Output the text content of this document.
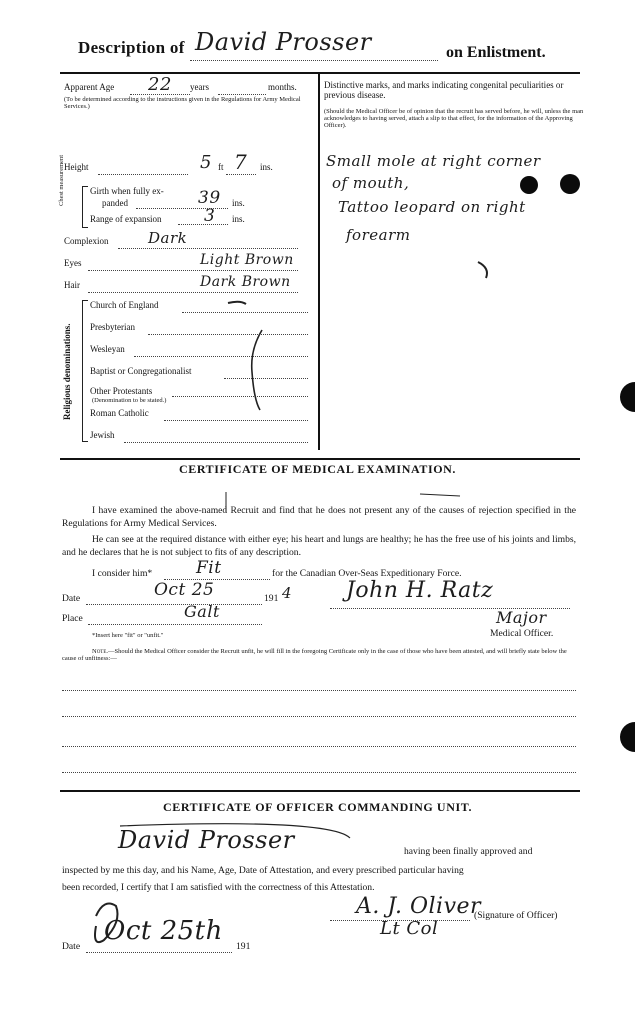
Description of David Prosser	on Enlistment.
Apparent Age 22 years	months.
(To be determined according to the instructions given in the Regulations for Army Medical Services.)
Distinctive marks, and marks indicating congenital peculiarities or previous disease.
(Should the Medical Officer be of opinion that the recruit has served before, he will, unless the man acknowledges to having served, attach a slip to that effect, for the information of the Approving Officer).
Small mole at right corner
of mouth,
Tattoo leopard on right
forearm
Height	5 ft 7 ins.
Chest measurement	Girth when fully ex-
panded	39 ins.
Range of expansion	3 ins.
Complexion	Dark
Eyes	Light Brown
Hair	Dark Brown
Religious denominations.
Church of England
Presbyterian
Wesleyan
Baptist or Congregationalist
Other Protestants
(Denomination to be stated.)
Roman Catholic
Jewish
CERTIFICATE OF MEDICAL EXAMINATION.
I have examined the above-named Recruit and find that he does not present any of the causes of rejection specified in the Regulations for Army Medical Services.
He can see at the required distance with either eye; his heart and lungs are healthy; he has the free use of his joints and limbs, and he declares that he is not subject to fits of any description.
I consider him*	Fit	for the Canadian Over-Seas Expeditionary Force.
Date	Oct 25	191 4 John H. Ratz
Place	Galt	Major
*Insert here "fit" or "unfit."	Medical Officer.
Note.—Should the Medical Officer consider the Recruit unfit, he will fill in the foregoing Certificate only in the case of those who have been attested, and will briefly state below the cause of unfitness:—
CERTIFICATE OF OFFICER COMMANDING UNIT.
David Prosser	having been finally approved and
inspected by me this day, and his Name, Age, Date of Attestation, and every prescribed particular having
been recorded, I certify that I am satisfied with the correctness of this Attestation.
A. J. Oliver
(Signature of Officer)
Lt Col
Date
Oct 25th
191
